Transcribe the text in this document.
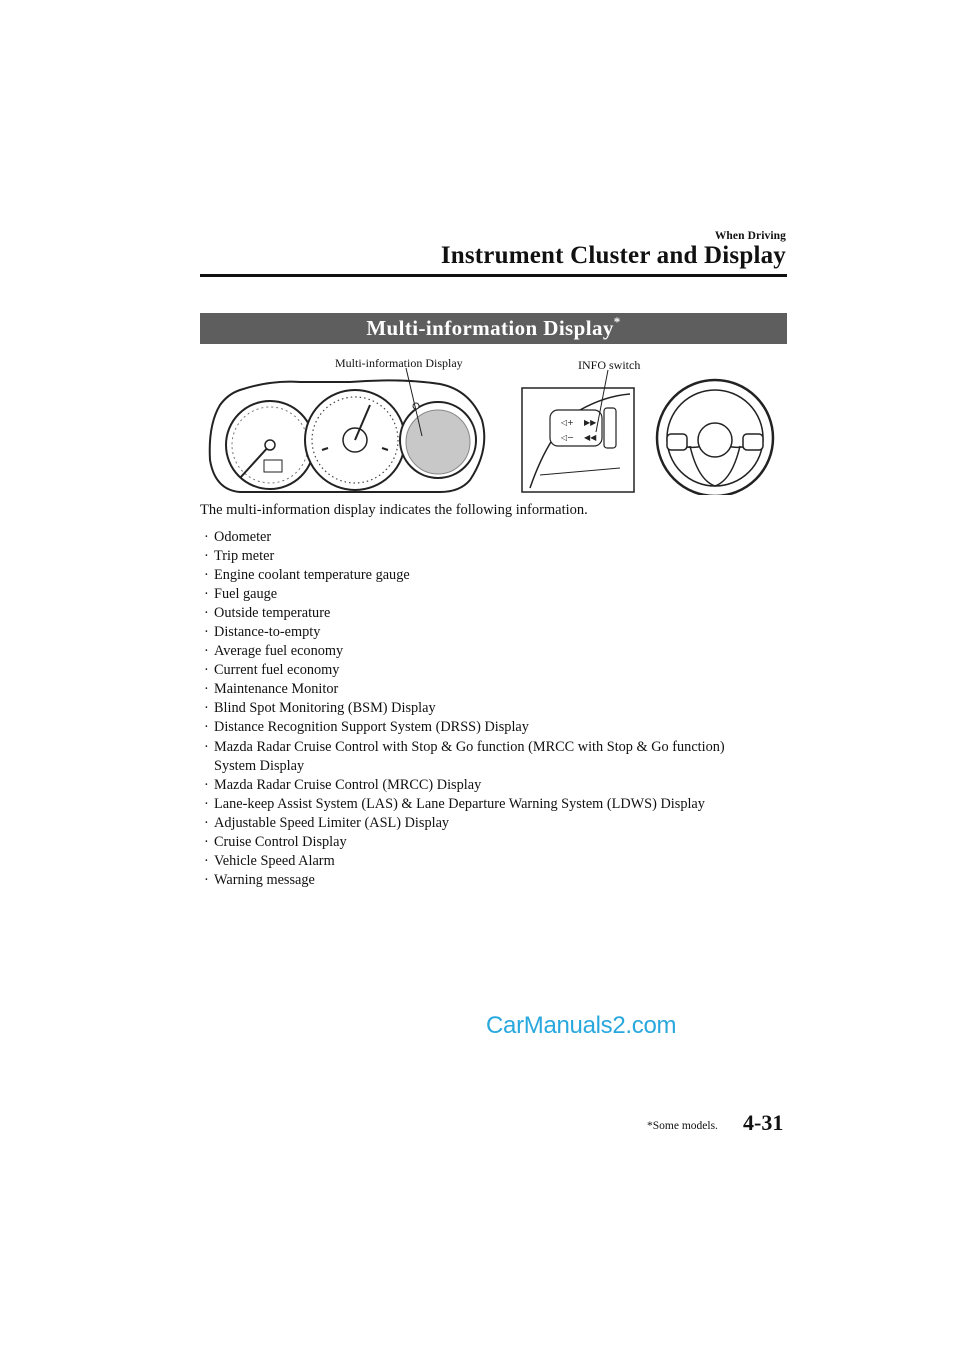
When Driving
Instrument Cluster and Display
Multi-information Display*
◁+
◁−
▶▶
◀◀
Multi-information Display	INFO switch
The multi-information display indicates the following information.
· Odometer
· Trip meter
· Engine coolant temperature gauge
· Fuel gauge
· Outside temperature
· Distance-to-empty
· Average fuel economy
· Current fuel economy
· Maintenance Monitor
· Blind Spot Monitoring (BSM) Display
· Distance Recognition Support System (DRSS) Display
· Mazda Radar Cruise Control with Stop & Go function (MRCC with Stop & Go function)
System Display
· Mazda Radar Cruise Control (MRCC) Display
· Lane-keep Assist System (LAS) & Lane Departure Warning System (LDWS) Display
· Adjustable Speed Limiter (ASL) Display
· Cruise Control Display
· Vehicle Speed Alarm
· Warning message
CarManuals2.com
*Some models. 4-31
